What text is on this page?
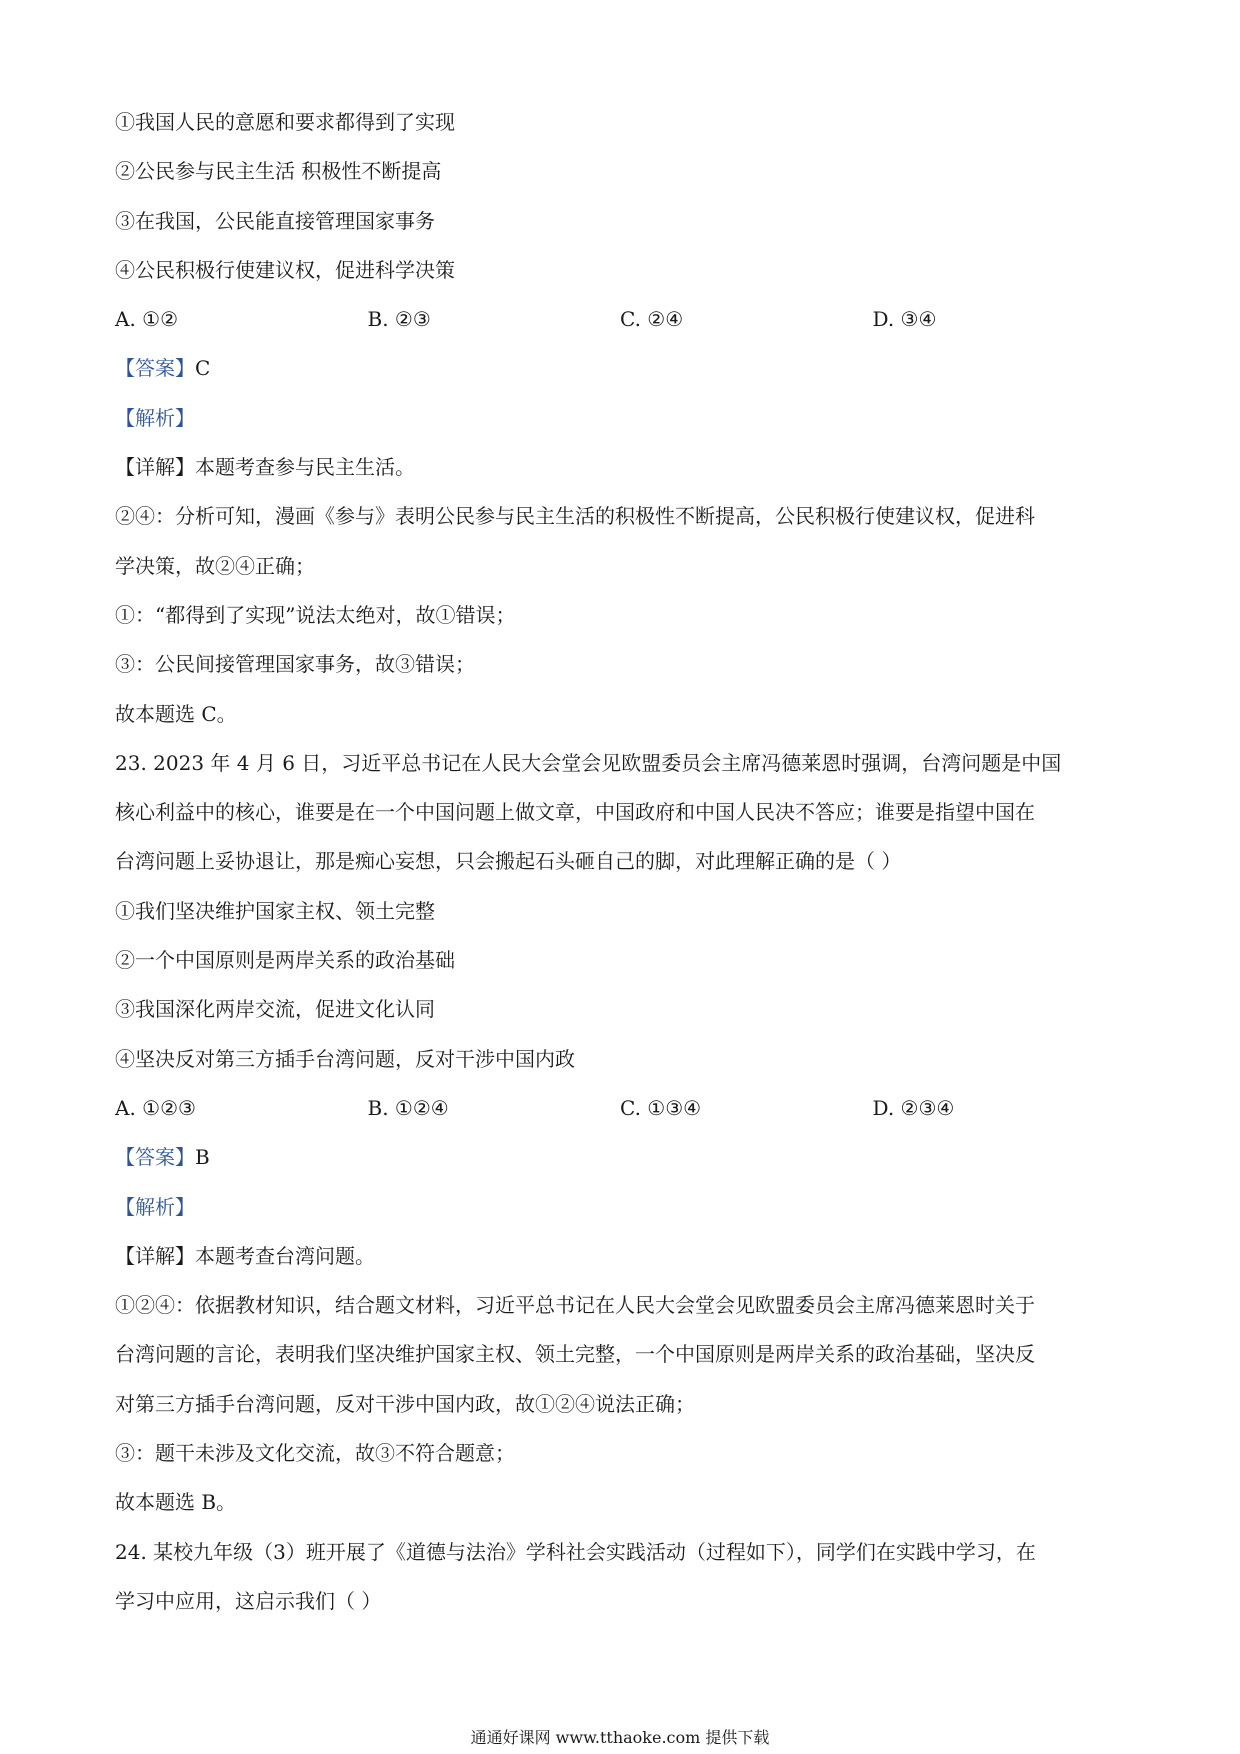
①我国人民的意愿和要求都得到了实现
②公民参与民主生活 积极性不断提高
③在我国，公民能直接管理国家事务
④公民积极行使建议权，促进科学决策
A. ①②	B. ②③	C. ②④	D. ③④
【答案】C
【解析】
【详解】本题考查参与民主生活。
②④：分析可知，漫画《参与》表明公民参与民主生活的积极性不断提高，公民积极行使建议权，促进科
学决策，故②④正确；
①：“都得到了实现”说法太绝对，故①错误；
③：公民间接管理国家事务，故③错误；
故本题选 C。
23. 2023 年 4 月 6 日，习近平总书记在人民大会堂会见欧盟委员会主席冯德莱恩时强调，台湾问题是中国
核心利益中的核心，谁要是在一个中国问题上做文章，中国政府和中国人民决不答应；谁要是指望中国在
台湾问题上妥协退让，那是痴心妄想，只会搬起石头砸自己的脚，对此理解正确的是（ ）
①我们坚决维护国家主权、领土完整
②一个中国原则是两岸关系的政治基础
③我国深化两岸交流，促进文化认同
④坚决反对第三方插手台湾问题，反对干涉中国内政
A. ①②③	B. ①②④	C. ①③④	D. ②③④
【答案】B
【解析】
【详解】本题考查台湾问题。
①②④：依据教材知识，结合题文材料，习近平总书记在人民大会堂会见欧盟委员会主席冯德莱恩时关于
台湾问题的言论，表明我们坚决维护国家主权、领土完整，一个中国原则是两岸关系的政治基础，坚决反
对第三方插手台湾问题，反对干涉中国内政，故①②④说法正确；
③：题干未涉及文化交流，故③不符合题意；
故本题选 B。
24. 某校九年级（3）班开展了《道德与法治》学科社会实践活动（过程如下），同学们在实践中学习，在
学习中应用，这启示我们（ ）
通通好课网 www.tthaoke.com 提供下载
